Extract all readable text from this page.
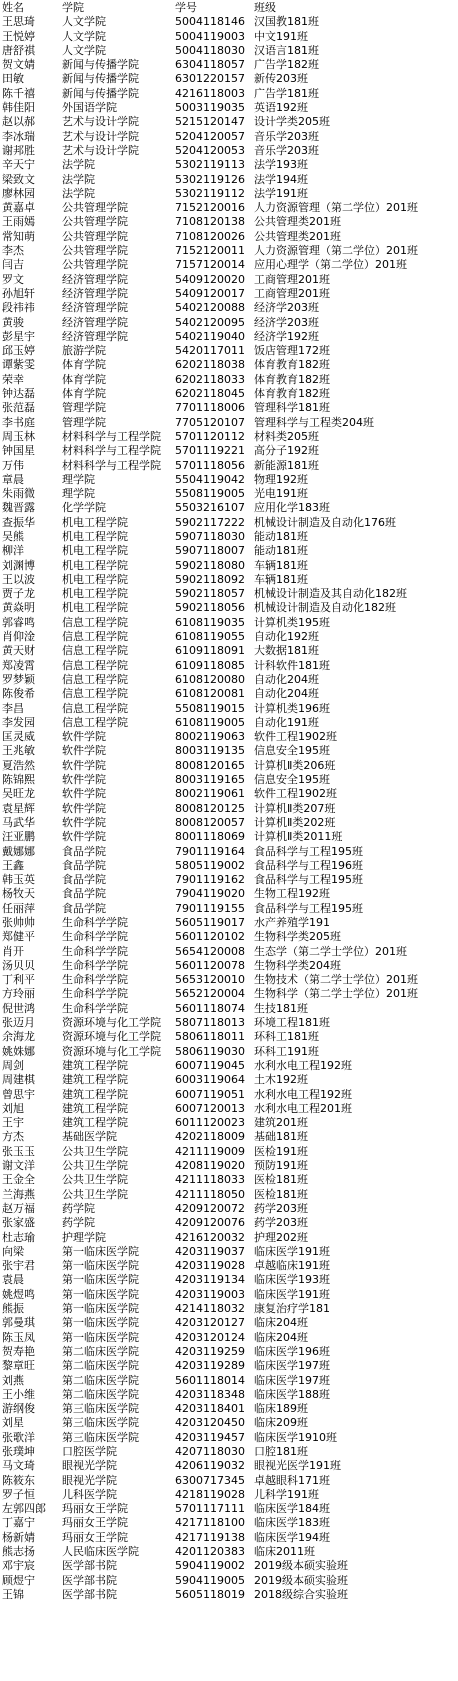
姓名	学院	学号	班级
王思琦 人文学院	5004118146 汉国教181班
王悦婷 人文学院	5004119003 中文191班
唐舒祺 人文学院	5004118030 汉语言181班
贺文婧 新闻与传播学院	6304118057 广告学182班
田敏	新闻与传播学院	6301220157 新传203班
陈千禧 新闻与传播学院	4216118003 广告学181班
韩佳阳 外国语学院	5003119035 英语192班
赵以郝 艺术与设计学院	5215120147 设计学类205班
李冰瑞 艺术与设计学院	5204120057 音乐学203班
谢邦胜 艺术与设计学院	5204120053 音乐学203班
辛天宁 法学院	5302119113 法学193班
梁致文 法学院	5302119126 法学194班
廖林园 法学院	5302119112 法学191班
黄嘉卓 公共管理学院	7152120016 人力资源管理（第二学位）201班
王雨嫣 公共管理学院	7108120138 公共管理类201班
常知萌 公共管理学院	7108120026 公共管理类201班
李杰	公共管理学院	7152120011 人力资源管理（第二学位）201班
闫吉	公共管理学院	7157120014 应用心理学（第二学位）201班
罗文	经济管理学院	5409120020 工商管理201班
孙旭轩 经济管理学院	5409120017 工商管理201班
段祎祎 经济管理学院	5402120088 经济学203班
黄骏	经济管理学院	5402120095 经济学203班
彭星宇 经济管理学院	5402119040 经济学192班
邱玉婷 旅游学院	5420117011 饭店管理172班
谭紫雯 体育学院	6202118038 体育教育182班
荣幸	体育学院	6202118033 体育教育182班
钟达磊 体育学院	6202118045 体育教育182班
张范磊 管理学院	7701118006 管理科学181班
李书庭 管理学院	7705120107 管理科学与工程类204班
周玉林 材料科学与工程学院 5701120112 材料类205班
钟国星 材料科学与工程学院 5701119221 高分子192班
万伟	材料科学与工程学院 5701118056 新能源181班
章晨	理学院	5504119042 物理192班
朱雨微 理学院	5508119005 光电191班
魏晋露 化学学院	5503216107 应用化学183班
查振华 机电工程学院	5902117222 机械设计制造及自动化176班
吴熊	机电工程学院	5907118030 能动181班
柳洋	机电工程学院	5907118007 能动181班
刘渊博 机电工程学院	5902118080 车辆181班
王以波 机电工程学院	5902118092 车辆181班
贾子龙 机电工程学院	5902118057 机械设计制造及其自动化182班
黄焱明 机电工程学院	5902118056 机械设计制造及自动化182班
郭睿鸣 信息工程学院	6108119035 计算机类195班
肖仰淦 信息工程学院	6108119055 自动化192班
黄天财 信息工程学院	6109118091 大数据181班
郑凌霄 信息工程学院	6109118085 计科软件181班
罗梦颖 信息工程学院	6108120080 自动化204班
陈俊希 信息工程学院	6108120081 自动化204班
李昌	信息工程学院	5508119015 计算机类196班
李发园 信息工程学院	6108119005 自动化191班
匡灵威 软件学院	8002119063 软件工程1902班
王兆敏 软件学院	8003119135 信息安全195班
夏浩然 软件学院	8008120165 计算机Ⅱ类206班
陈锦熙 软件学院	8003119165 信息安全195班
吴旺龙 软件学院	8002119061 软件工程1902班
袁星辉 软件学院	8008120125 计算机Ⅱ类207班
马武华 软件学院	8008120057 计算机Ⅱ类202班
汪亚鹏 软件学院	8001118069 计算机Ⅱ类2011班
戴娜娜 食品学院	7901119164 食品科学与工程195班
王鑫	食品学院	5805119002 食品科学与工程196班
韩玉英 食品学院	7901119162 食品科学与工程195班
杨牧天 食品学院	7904119020 生物工程192班
任丽萍 食品学院	7901119155 食品科学与工程195班
张帅帅 生命科学学院	5605119017 水产养殖学191
郑健平 生命科学学院	5601120102 生物科学类205班
肖开	生命科学学院	5654120008 生态学（第二学士学位）201班
汤贝贝 生命科学学院	5601120078 生物科学类204班
丁利平 生命科学学院	5653120010 生物技术（第二学士学位）201班
方玲丽 生命科学学院	5652120004 生物科学（第二学士学位）201班
倪世鸿 生命科学学院	5601118074 生技181班
张迈月 资源环境与化工学院 5807118013 环境工程181班
余海龙 资源环境与化工学院 5806118011 环科工181班
姚姝娜 资源环境与化工学院 5806119030 环科工191班
周剑	建筑工程学院	6007119045 水利水电工程192班
周建棋 建筑工程学院	6003119064 土木192班
曾思宇 建筑工程学院	6007119051 水利水电工程192班
刘旭	建筑工程学院	6007120013 水利水电工程201班
王宇	建筑工程学院	6011120023 建筑201班
方杰	基础医学院	4202118009 基础181班
张玉玉 公共卫生学院	4211119009 医检191班
谢文洋 公共卫生学院	4208119020 预防191班
王金全 公共卫生学院	4211118033 医检181班
兰海燕 公共卫生学院	4211118050 医检181班
赵万福 药学院	4209120072 药学203班
张家盛 药学院	4209120076 药学203班
杜志瑜 护理学院	4216120032 护理202班
向梁	第一临床医学院	4203119037 临床医学191班
张宇君 第一临床医学院	4203119028 卓越临床191班
袁晨	第一临床医学院	4203119134 临床医学193班
姚煜鸣 第一临床医学院	4203119003 临床医学191班
熊振	第一临床医学院	4214118032 康复治疗学181
郭曼琪 第一临床医学院	4203120127 临床204班
陈玉凤 第一临床医学院	4203120124 临床204班
贺寿艳 第二临床医学院	4203119259 临床医学196班
黎章旺 第二临床医学院	4203119289 临床医学197班
刘燕	第二临床医学院	5601118014 临床医学197班
王小维 第二临床医学院	4203118348 临床医学188班
游纲俊 第三临床医学院	4203118401 临床189班
刘星	第三临床医学院	4203120450 临床209班
张歌洋 第三临床医学院	4203119457 临床医学1910班
张璞坤 口腔医学院	4207118030 口腔181班
马文琦 眼视光学院	4206119032 眼视光医学191班
陈筱东 眼视光学院	6300717345 卓越眼科171班
罗子恒 儿科医学院	4218119028 儿科学191班
左郭四郎 玛丽女王学院	5701117111 临床医学184班
丁嘉宁 玛丽女王学院	4217118100 临床医学183班
杨新婧 玛丽女王学院	4217119138 临床医学194班
熊志扬 人民临床医学院	4201120383 临床2011班
邓宇宸 医学部书院	5904119002 2019级本硕实验班
顾煜宁 医学部书院	5904119005 2019级本硕实验班
王锦	医学部书院	5605118019 2018级综合实验班
